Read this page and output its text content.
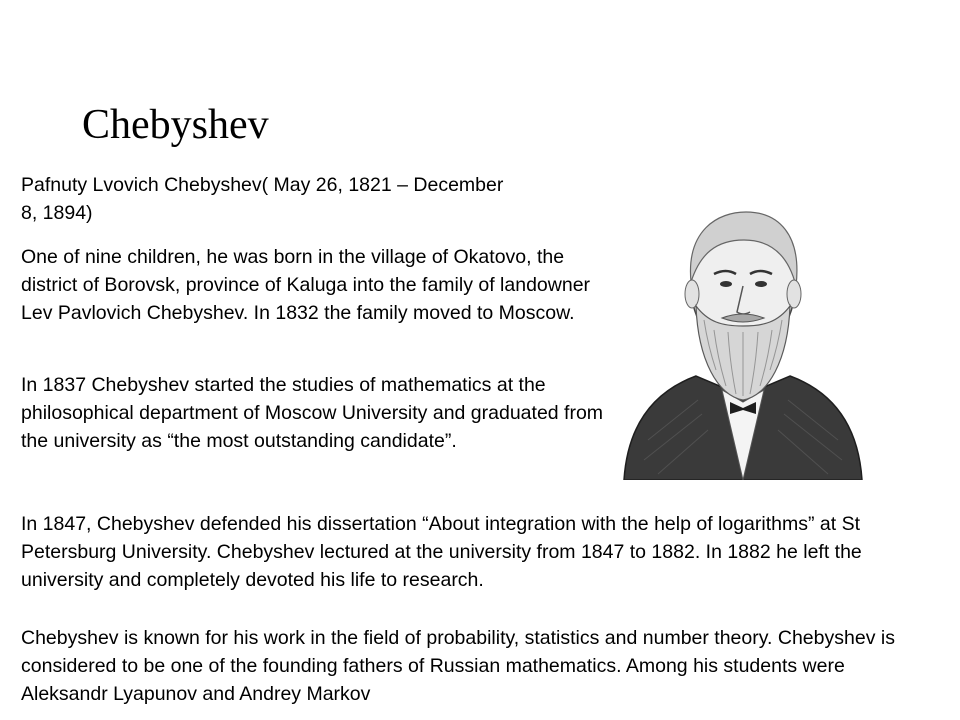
Chebyshev

Pafnuty Lvovich Chebyshev( May 26, 1821 – December 8, 1894)

One of nine children, he was born in the village of Okatovo, the district of Borovsk, province of Kaluga into the family of landowner Lev Pavlovich Chebyshev. In 1832 the family moved to Moscow.

In 1837 Chebyshev started the studies of mathematics at the philosophical department of Moscow University and graduated from the university as “the most outstanding candidate”.

In 1847, Chebyshev defended his dissertation “About integration with the help of logarithms” at St Petersburg University. Chebyshev lectured at the university from 1847 to 1882. In 1882 he left the university and completely devoted his life to research.

Chebyshev is known for his work in the field of probability, statistics and number theory. Chebyshev is considered to be one of the founding fathers of Russian mathematics. Among his students were Aleksandr Lyapunov and Andrey Markov
